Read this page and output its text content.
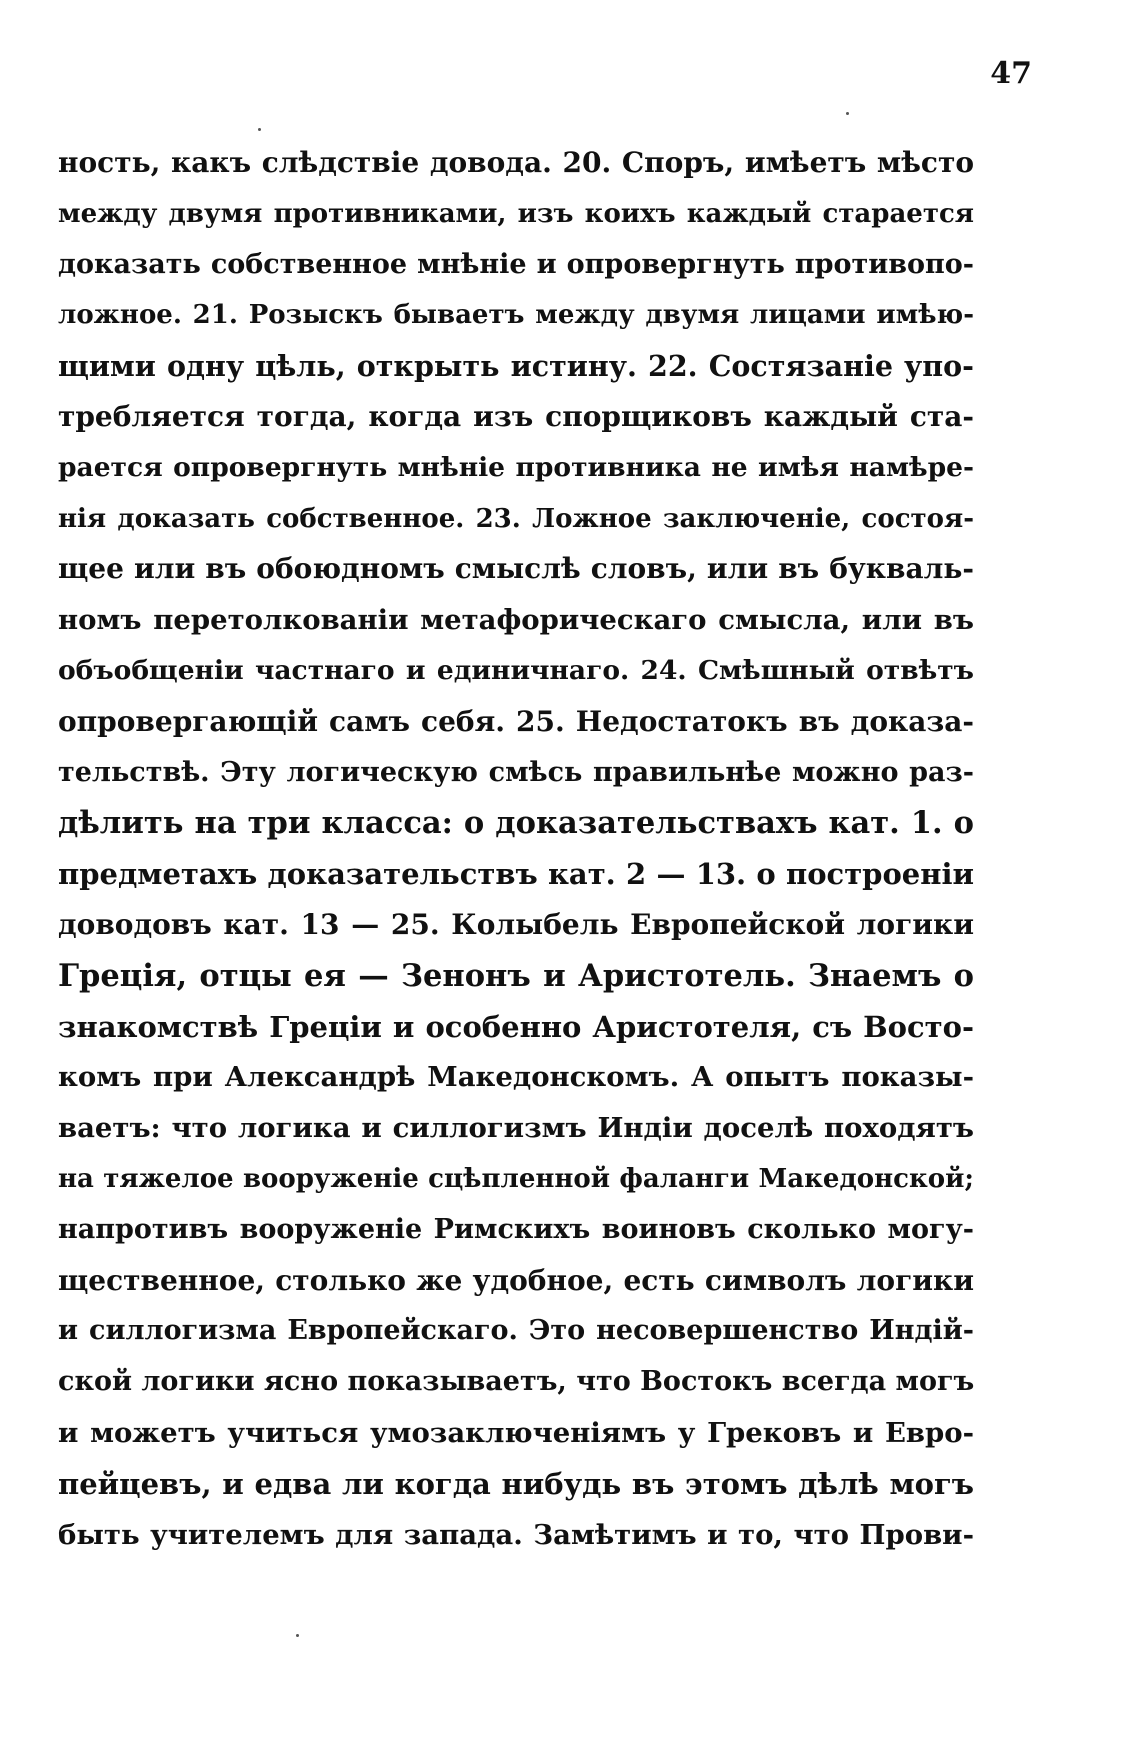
47
ность, какъ слѣдствіе довода. 20. Споръ, имѣетъ мѣсто
между двумя противниками, изъ коихъ каждый старается
доказать собственное мнѣніе и опровергнуть противопо-
ложное. 21. Розыскъ бываетъ между двумя лицами имѣю-
щими одну цѣль, открыть истину. 22. Состязаніе упо-
требляется тогда, когда изъ спорщиковъ каждый ста-
рается опровергнуть мнѣніе противника не имѣя намѣре-
нія доказать собственное. 23. Ложное заключеніе, состоя-
щее или въ обоюдномъ смыслѣ словъ, или въ букваль-
номъ перетолкованіи метафорическаго смысла, или въ
объобщеніи частнаго и единичнаго. 24. Смѣшный отвѣтъ
опровергающій самъ себя. 25. Недостатокъ въ доказа-
тельствѣ. Эту логическую смѣсь правильнѣе можно раз-
дѣлить на три класса: о доказательствахъ кат. 1. о
предметахъ доказательствъ кат. 2 — 13. о построеніи
доводовъ кат. 13 — 25. Колыбель Европейской логики
Греція, отцы ея — Зенонъ и Аристотель. Знаемъ о
знакомствѣ Греціи и особенно Аристотеля, съ Восто-
комъ при Александрѣ Македонскомъ. А опытъ показы-
ваетъ: что логика и силлогизмъ Индіи доселѣ походятъ
на тяжелое вооруженіе сцѣпленной фаланги Македонской;
напротивъ вооруженіе Римскихъ воиновъ сколько могу-
щественное, столько же удобное, есть символъ логики
и силлогизма Европейскаго. Это несовершенство Индій-
ской логики ясно показываетъ, что Востокъ всегда могъ
и можетъ учиться умозаключеніямъ у Грековъ и Евро-
пейцевъ, и едва ли когда нибудь въ этомъ дѣлѣ могъ
быть учителемъ для запада. Замѣтимъ и то, что Прови-
